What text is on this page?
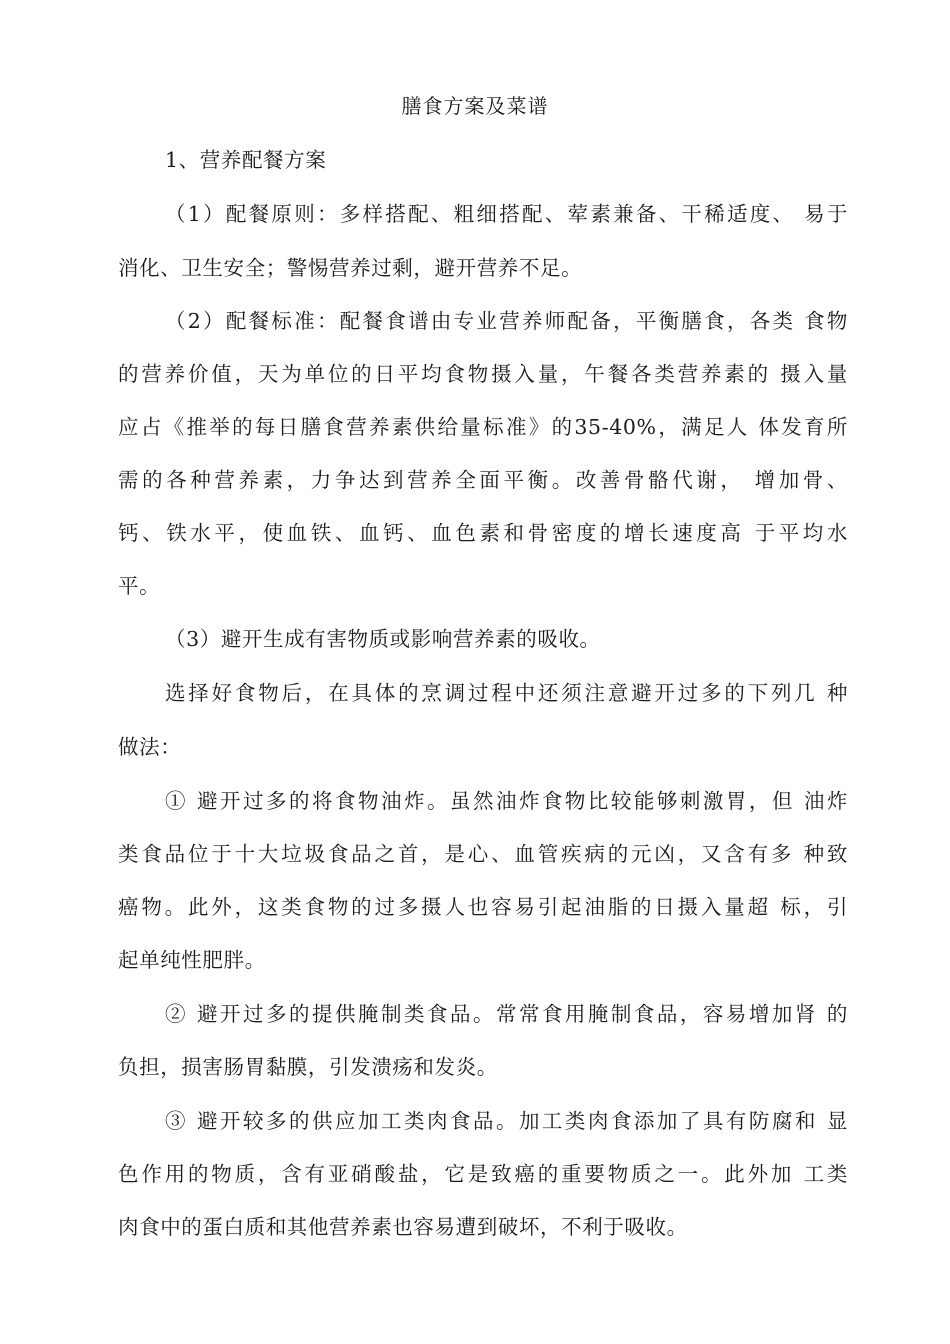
膳食方案及菜谱
1、营养配餐方案
（1）配餐原则：多样搭配、粗细搭配、荤素兼备、干稀适度、 易于
消化、卫生安全；警惕营养过剩，避开营养不足。
（2）配餐标准：配餐食谱由专业营养师配备，平衡膳食，各类 食物
的营养价值，天为单位的日平均食物摄入量，午餐各类营养素的 摄入量
应占《推举的每日膳食营养素供给量标准》的35-40%，满足人 体发育所
需的各种营养素，力争达到营养全面平衡。改善骨骼代谢， 增加骨、
钙、铁水平，使血铁、血钙、血色素和骨密度的增长速度高 于平均水
平。
（3）避开生成有害物质或影响营养素的吸收。
选择好食物后，在具体的烹调过程中还须注意避开过多的下列几 种
做法：
① 避开过多的将食物油炸。虽然油炸食物比较能够刺激胃，但 油炸
类食品位于十大垃圾食品之首，是心、血管疾病的元凶，又含有多 种致
癌物。此外，这类食物的过多摄人也容易引起油脂的日摄入量超 标，引
起单纯性肥胖。
② 避开过多的提供腌制类食品。常常食用腌制食品，容易增加肾 的
负担，损害肠胃黏膜，引发溃疡和发炎。
③ 避开较多的供应加工类肉食品。加工类肉食添加了具有防腐和 显
色作用的物质，含有亚硝酸盐，它是致癌的重要物质之一。此外加 工类
肉食中的蛋白质和其他营养素也容易遭到破坏，不利于吸收。
